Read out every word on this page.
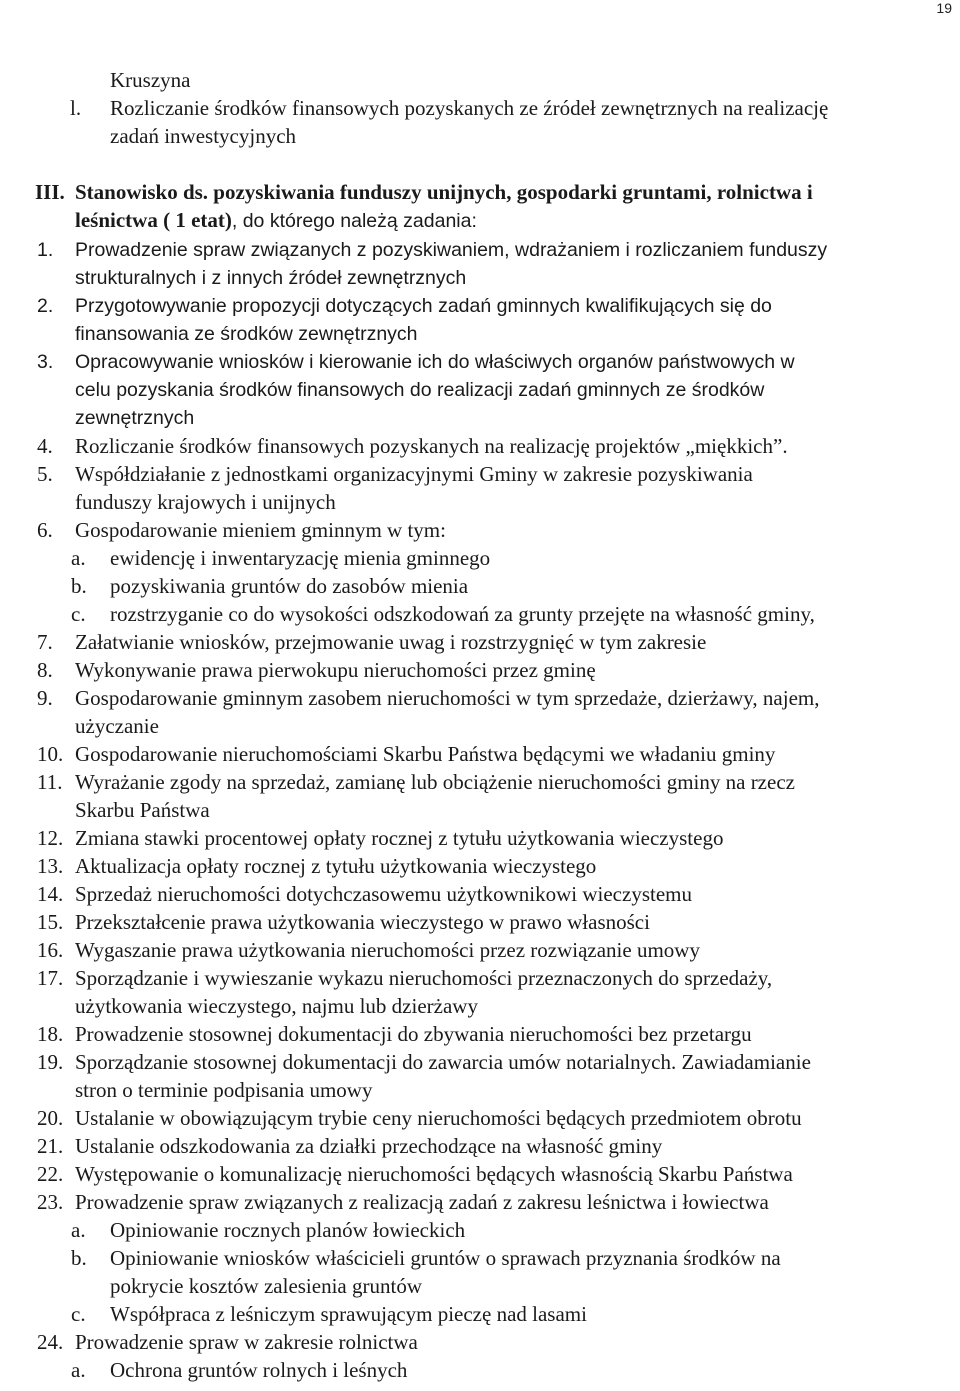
19
Kruszyna
l. Rozliczanie środków finansowych pozyskanych ze źródeł zewnętrznych na realizację
zadań inwestycyjnych
III. Stanowisko ds. pozyskiwania funduszy unijnych, gospodarki gruntami, rolnictwa i
leśnictwa ( 1 etat), do którego należą zadania:
1. Prowadzenie spraw związanych z pozyskiwaniem, wdrażaniem i rozliczaniem funduszy
strukturalnych i z innych źródeł zewnętrznych
2. Przygotowywanie propozycji dotyczących zadań gminnych kwalifikujących się do
finansowania ze środków zewnętrznych
3. Opracowywanie wniosków i kierowanie ich do właściwych organów państwowych w
celu pozyskania środków finansowych do realizacji zadań gminnych ze środków
zewnętrznych
4. Rozliczanie środków finansowych pozyskanych na realizację projektów „miękkich”.
5. Współdziałanie z jednostkami organizacyjnymi Gminy w zakresie pozyskiwania
funduszy krajowych i unijnych
6. Gospodarowanie mieniem gminnym w tym:
a. ewidencję i inwentaryzację mienia gminnego
b. pozyskiwania gruntów do zasobów mienia
c. rozstrzyganie co do wysokości odszkodowań za grunty przejęte na własność gminy,
7. Załatwianie wniosków, przejmowanie uwag i rozstrzygnięć w tym zakresie
8. Wykonywanie prawa pierwokupu nieruchomości przez gminę
9. Gospodarowanie gminnym zasobem nieruchomości w tym sprzedaże, dzierżawy, najem,
użyczanie
10. Gospodarowanie nieruchomościami Skarbu Państwa będącymi we władaniu gminy
11. Wyrażanie zgody na sprzedaż, zamianę lub obciążenie nieruchomości gminy na rzecz
Skarbu Państwa
12. Zmiana stawki procentowej opłaty rocznej z tytułu użytkowania wieczystego
13. Aktualizacja opłaty rocznej z tytułu użytkowania wieczystego
14. Sprzedaż nieruchomości dotychczasowemu użytkownikowi wieczystemu
15. Przekształcenie prawa użytkowania wieczystego w prawo własności
16. Wygaszanie prawa użytkowania nieruchomości przez rozwiązanie umowy
17. Sporządzanie i wywieszanie wykazu nieruchomości przeznaczonych do sprzedaży,
użytkowania wieczystego, najmu lub dzierżawy
18. Prowadzenie stosownej dokumentacji do zbywania nieruchomości bez przetargu
19. Sporządzanie stosownej dokumentacji do zawarcia umów notarialnych. Zawiadamianie
stron o terminie podpisania umowy
20. Ustalanie w obowiązującym trybie ceny nieruchomości będących przedmiotem obrotu
21. Ustalanie odszkodowania za działki przechodzące na własność gminy
22. Występowanie o komunalizację nieruchomości będących własnością Skarbu Państwa
23. Prowadzenie spraw związanych z realizacją zadań z zakresu leśnictwa i łowiectwa
a. Opiniowanie rocznych planów łowieckich
b. Opiniowanie wniosków właścicieli gruntów o sprawach przyznania środków na
pokrycie kosztów zalesienia gruntów
c. Współpraca z leśniczym sprawującym pieczę nad lasami
24. Prowadzenie spraw w zakresie rolnictwa
a. Ochrona gruntów rolnych i leśnych
